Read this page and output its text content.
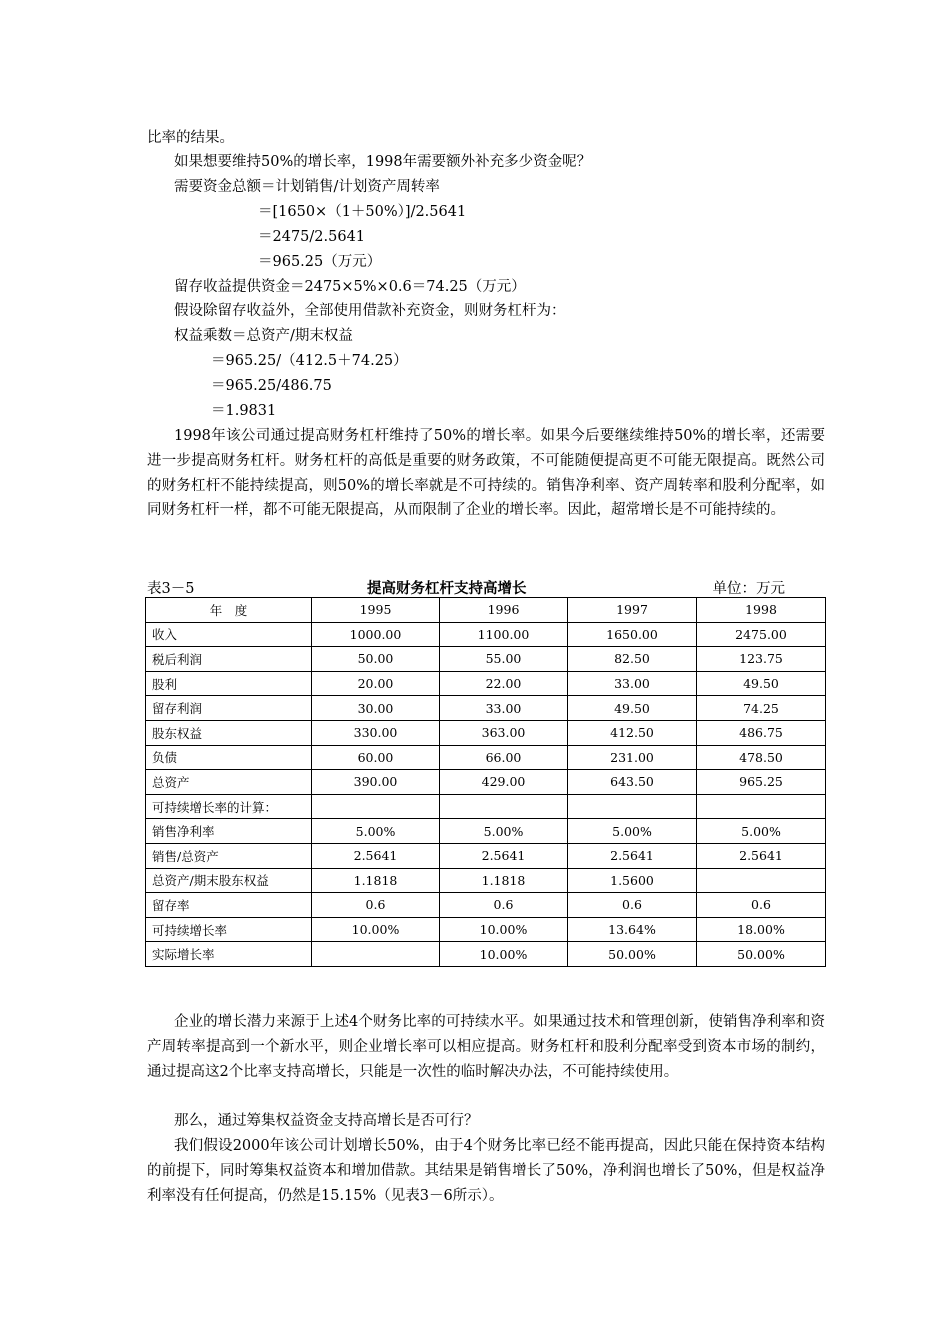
比率的结果。
如果想要维持50%的增长率，1998年需要额外补充多少资金呢？
需要资金总额＝计划销售/计划资产周转率
＝[1650×（1＋50%）]/2.5641
＝2475/2.5641
＝965.25（万元）
留存收益提供资金＝2475×5%×0.6＝74.25（万元）
假设除留存收益外，全部使用借款补充资金，则财务杠杆为：
权益乘数＝总资产/期末权益
＝965.25/（412.5＋74.25）
＝965.25/486.75
＝1.9831
1998年该公司通过提高财务杠杆维持了50%的增长率。如果今后要继续维持50%的增长率，还需要进一步提高财务杠杆。财务杠杆的高低是重要的财务政策，不可能随便提高更不可能无限提高。既然公司的财务杠杆不能持续提高，则50%的增长率就是不可持续的。销售净利率、资产周转率和股利分配率，如同财务杠杆一样，都不可能无限提高，从而限制了企业的增长率。因此，超常增长是不可能持续的。
表3－5	提高财务杠杆支持高增长	单位：万元
年　度	1995	1996	1997	1998
收入	1000.00	1100.00	1650.00	2475.00
税后利润	50.00	55.00	82.50	123.75
股利	20.00	22.00	33.00	49.50
留存利润	30.00	33.00	49.50	74.25
股东权益	330.00	363.00	412.50	486.75
负债	60.00	66.00	231.00	478.50
总资产	390.00	429.00	643.50	965.25
可持续增长率的计算：				
销售净利率	5.00%	5.00%	5.00%	5.00%
销售/总资产	2.5641	2.5641	2.5641	2.5641
总资产/期末股东权益	1.1818	1.1818	1.5600	
留存率	0.6	0.6	0.6	0.6
可持续增长率	10.00%	10.00%	13.64%	18.00%
实际增长率		10.00%	50.00%	50.00%
企业的增长潜力来源于上述4个财务比率的可持续水平。如果通过技术和管理创新，使销售净利率和资产周转率提高到一个新水平，则企业增长率可以相应提高。财务杠杆和股利分配率受到资本市场的制约，通过提高这2个比率支持高增长，只能是一次性的临时解决办法，不可能持续使用。
那么，通过筹集权益资金支持高增长是否可行？
我们假设2000年该公司计划增长50%，由于4个财务比率已经不能再提高，因此只能在保持资本结构的前提下，同时筹集权益资本和增加借款。其结果是销售增长了50%，净利润也增长了50%，但是权益净利率没有任何提高，仍然是15.15%（见表3－6所示）。
